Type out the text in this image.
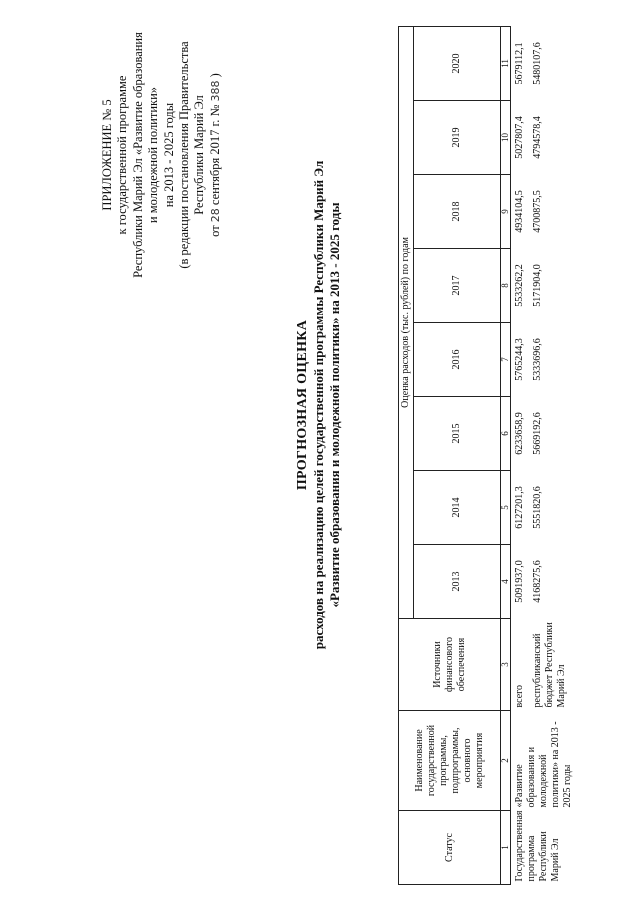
ПРИЛОЖЕНИЕ № 5 к государственной программе Республики Марий Эл «Развитие образования и молодежной политики» на 2013 - 2025 годы (в редакции постановления Правительства Республики Марий Эл
от 28 сентября 2017 г. № 388 )
ПРОГНОЗНАЯ ОЦЕНКА расходов на реализацию целей государственной программы Республики Марий Эл «Развитие образования и молодежной политики» на 2013 - 2025 годы
Статус	Наименование государственной программы, подпрограммы, основного мероприятия	Источники финансового обеспечения	Оценка расходов (тыс. рублей) по годам							
			2013	2014	2015	2016	2017	2018	2019	2020
1	2	3	4	5	6	7	8	9	10	11
Государственная программа Республики Марий Эл	«Развитие образования и молодежной политики» на 2013 - 2025 годы	всего	5091937,0	6127201,3	6233658,9	5765244,3	5533262,2	4934104,5	5027807,4	5679112,1
		республиканский бюджет Республики Марий Эл	4168275,6	5551820,6	5669192,6	5333696,6	5171904,0	4700875,5	4794578,4	5480107,6
